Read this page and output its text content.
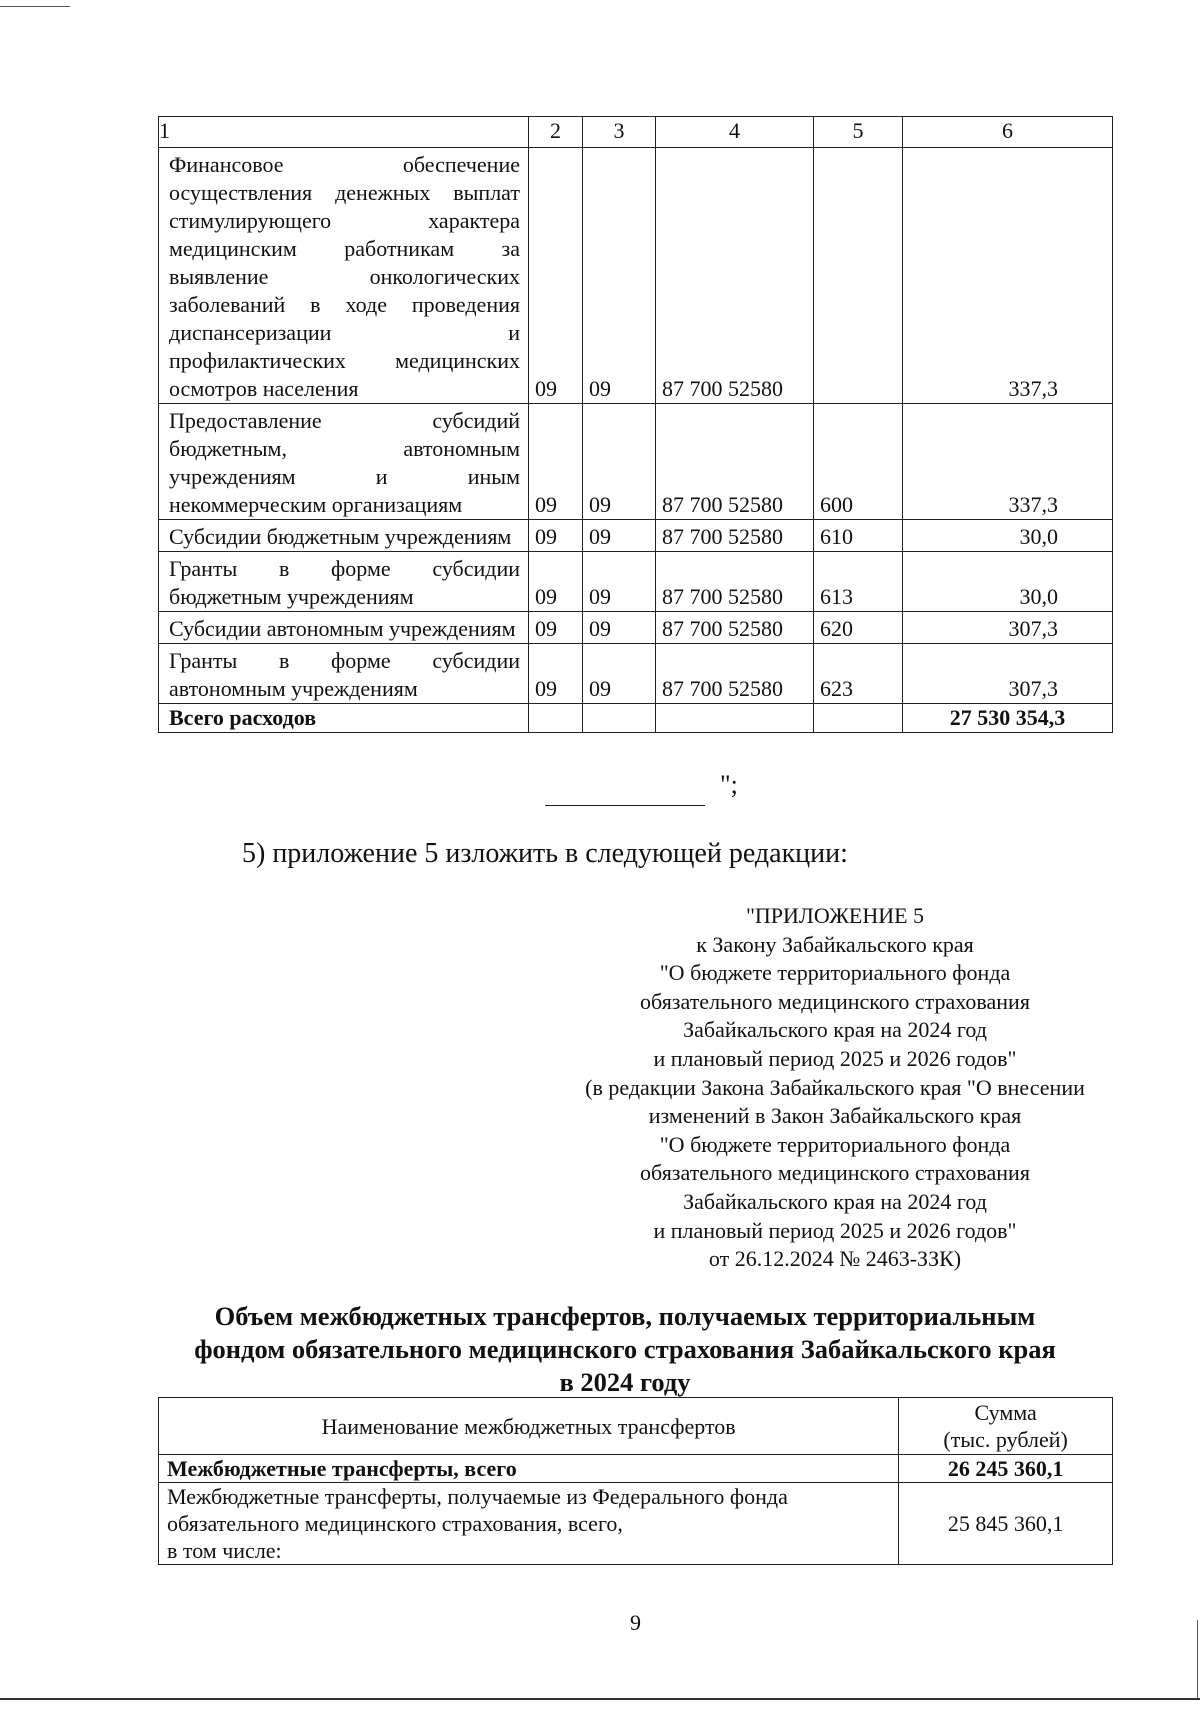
1	2	3	4	5	6
Финансовое обеспечение осуществления денежных выплат стимулирующего характера медицинским работникам за выявление онкологических заболеваний в ходе проведения диспансеризации и профилактических медицинских осмотров населения	09	09	87 700 52580		337,3
Предоставление субсидий бюджетным, автономным учреждениям и иным некоммерческим организациям	09	09	87 700 52580	600	337,3
Субсидии бюджетным учреждениям	09	09	87 700 52580	610	30,0
Гранты в форме субсидии бюджетным учреждениям	09	09	87 700 52580	613	30,0
Субсидии автономным учреждениям	09	09	87 700 52580	620	307,3
Гранты в форме субсидии автономным учреждениям	09	09	87 700 52580	623	307,3
Всего расходов					27 530 354,3
";
5) приложение 5 изложить в следующей редакции:
"ПРИЛОЖЕНИЕ 5
к Закону Забайкальского края
"О бюджете территориального фонда
обязательного медицинского страхования
Забайкальского края на 2024 год
и плановый период 2025 и 2026 годов"
(в редакции Закона Забайкальского края "О внесении
изменений в Закон Забайкальского края
"О бюджете территориального фонда
обязательного медицинского страхования
Забайкальского края на 2024 год
и плановый период 2025 и 2026 годов"
от 26.12.2024 № 2463-ЗЗК)
Объем межбюджетных трансфертов, получаемых территориальным
фондом обязательного медицинского страхования Забайкальского края
в 2024 году
Наименование межбюджетных трансфертов	Сумма
(тыс. рублей)

Межбюджетные трансферты, всего	26 245 360,1

Межбюджетные трансферты, получаемые из Федерального фонда
обязательного медицинского страхования, всего,
в том числе:	25 845 360,1
9
